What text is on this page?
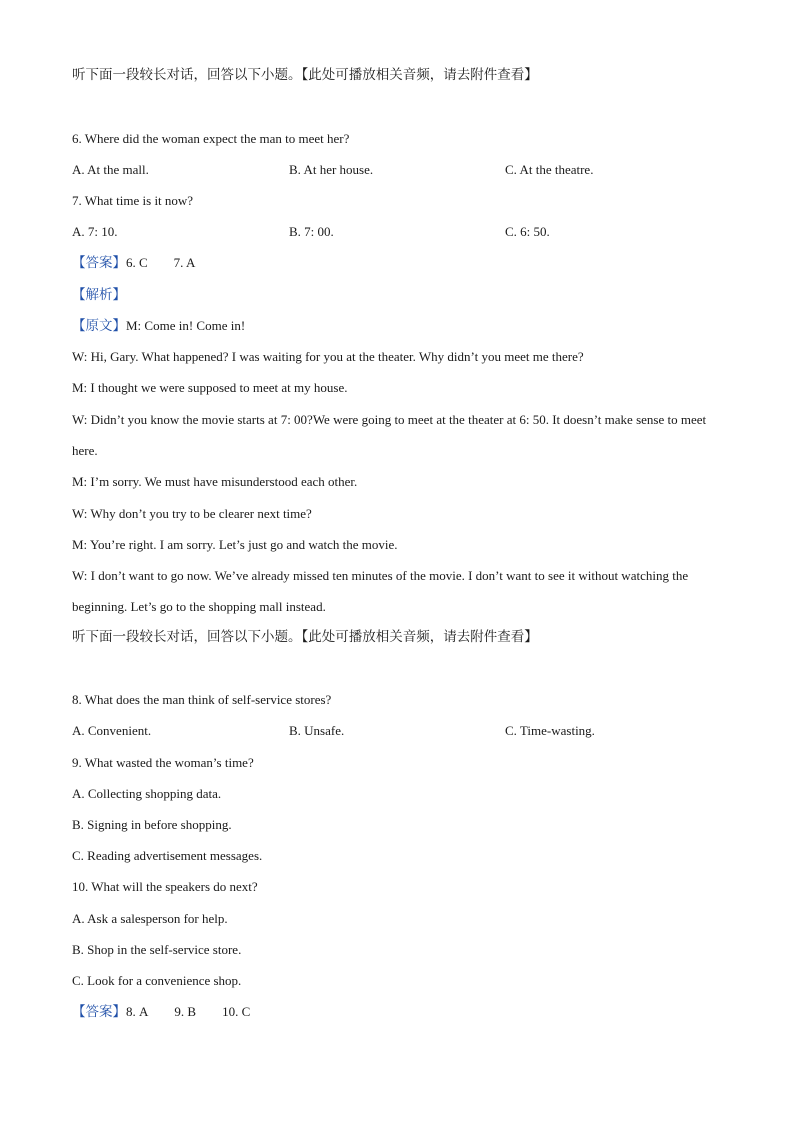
听下面一段较长对话，回答以下小题。【此处可播放相关音频，请去附件查看】
6. Where did the woman expect the man to meet her?
A. At the mall.	B. At her house.	C. At the theatre.
7. What time is it now?
A. 7: 10.	B. 7: 00.	C. 6: 50.
【答案】6. C 7. A
【解析】
【原文】M: Come in! Come in!
W: Hi, Gary. What happened? I was waiting for you at the theater. Why didn’t you meet me there?
M: I thought we were supposed to meet at my house.
W: Didn’t you know the movie starts at 7: 00?We were going to meet at the theater at 6: 50. It doesn’t make sense to meet here.
M: I’m sorry. We must have misunderstood each other.
W: Why don’t you try to be clearer next time?
M: You’re right. I am sorry. Let’s just go and watch the movie.
W: I don’t want to go now. We’ve already missed ten minutes of the movie. I don’t want to see it without watching the beginning. Let’s go to the shopping mall instead.
听下面一段较长对话，回答以下小题。【此处可播放相关音频，请去附件查看】
8. What does the man think of self-service stores?
A. Convenient.	B. Unsafe.	C. Time-wasting.
9. What wasted the woman’s time?
A. Collecting shopping data.
B. Signing in before shopping.
C. Reading advertisement messages.
10. What will the speakers do next?
A. Ask a salesperson for help.
B. Shop in the self-service store.
C. Look for a convenience shop.
【答案】8. A 9. B 10. C
